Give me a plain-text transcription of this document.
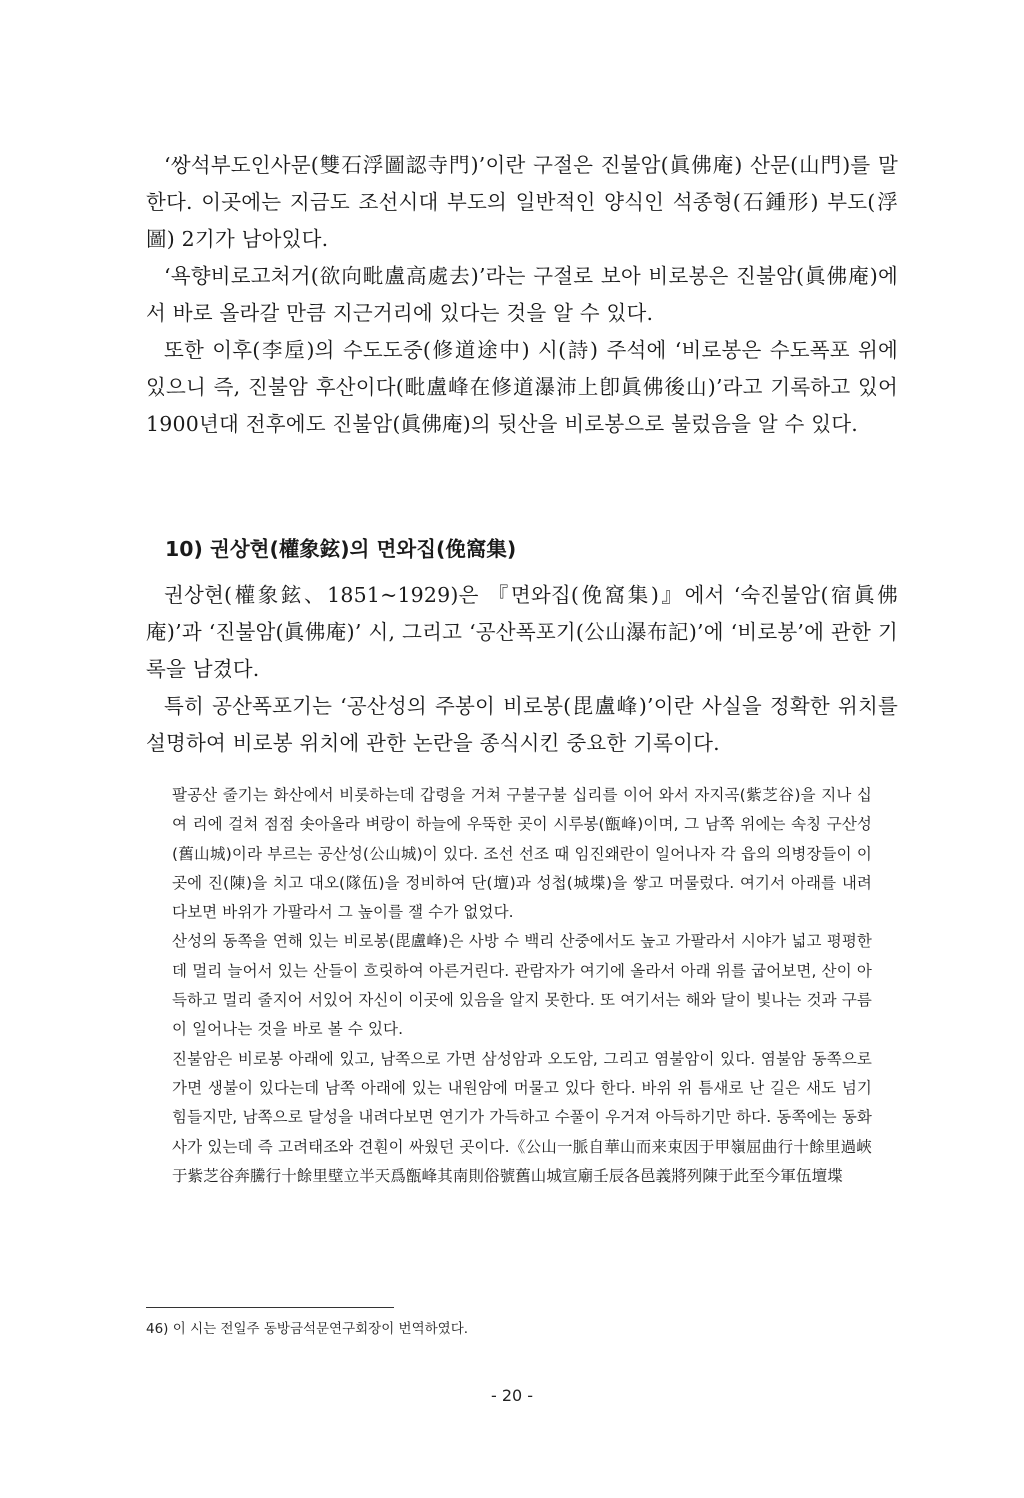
‘쌍석부도인사문(雙石浮圖認寺門)’이란 구절은 진불암(眞佛庵) 산문(山門)를 말한다. 이곳에는 지금도 조선시대 부도의 일반적인 양식인 석종형(石鍾形) 부도(浮圖) 2기가 남아있다.

‘욕향비로고처거(欲向毗盧高處去)’라는 구절로 보아 비로봉은 진불암(眞佛庵)에서 바로 올라갈 만큼 지근거리에 있다는 것을 알 수 있다.

또한 이후(李垕)의 수도도중(修道途中) 시(詩) 주석에 ‘비로봉은 수도폭포 위에 있으니 즉, 진불암 후산이다(毗盧峰在修道瀑沛上卽眞佛後山)’라고 기록하고 있어 1900년대 전후에도 진불암(眞佛庵)의 뒷산을 비로봉으로 불렀음을 알 수 있다.

10) 권상현(權象鉉)의 면와집(俛窩集)

권상현(權象鉉、1851~1929)은 『면와집(俛窩集)』에서 ‘숙진불암(宿眞佛庵)’과 ‘진불암(眞佛庵)’ 시, 그리고 ‘공산폭포기(公山瀑布記)’에 ‘비로봉’에 관한 기록을 남겼다.

특히 공산폭포기는 ‘공산성의 주봉이 비로봉(毘盧峰)’이란 사실을 정확한 위치를 설명하여 비로봉 위치에 관한 논란을 종식시킨 중요한 기록이다.

팔공산 줄기는 화산에서 비롯하는데 갑령을 거쳐 구불구불 십리를 이어 와서 자지곡(紫芝谷)을 지나 십여 리에 걸쳐 점점 솟아올라 벼랑이 하늘에 우뚝한 곳이 시루봉(甑峰)이며, 그 남쪽 위에는 속칭 구산성(舊山城)이라 부르는 공산성(公山城)이 있다. 조선 선조 때 임진왜란이 일어나자 각 읍의 의병장들이 이곳에 진(陳)을 치고 대오(隊伍)을 정비하여 단(壇)과 성첩(城堞)을 쌓고 머물렀다. 여기서 아래를 내려다보면 바위가 가팔라서 그 높이를 잴 수가 없었다.

산성의 동쪽을 연해 있는 비로봉(毘盧峰)은 사방 수 백리 산중에서도 높고 가팔라서 시야가 넓고 평평한데 멀리 늘어서 있는 산들이 흐릿하여 아른거린다. 관람자가 여기에 올라서 아래 위를 굽어보면, 산이 아득하고 멀리 줄지어 서있어 자신이 이곳에 있음을 알지 못한다. 또 여기서는 해와 달이 빛나는 것과 구름이 일어나는 것을 바로 볼 수 있다.

진불암은 비로봉 아래에 있고, 남쪽으로 가면 삼성암과 오도암, 그리고 염불암이 있다. 염불암 동쪽으로 가면 생불이 있다는데 남쪽 아래에 있는 내원암에 머물고 있다 한다. 바위 위 틈새로 난 길은 새도 넘기 힘들지만, 남쪽으로 달성을 내려다보면 연기가 가득하고 수풀이 우거져 아득하기만 하다. 동쪽에는 동화사가 있는데 즉 고려태조와 견훤이 싸웠던 곳이다.《公山一脈自華山而来束因于甲嶺屈曲行十餘里過峽于紫芝谷奔騰行十餘里壁立半天爲甑峰其南則俗號舊山城宣廟壬辰各邑義將列陳于此至今軍伍壇堞

46) 이 시는 전일주 동방금석문연구회장이 번역하였다.

- 20 -
